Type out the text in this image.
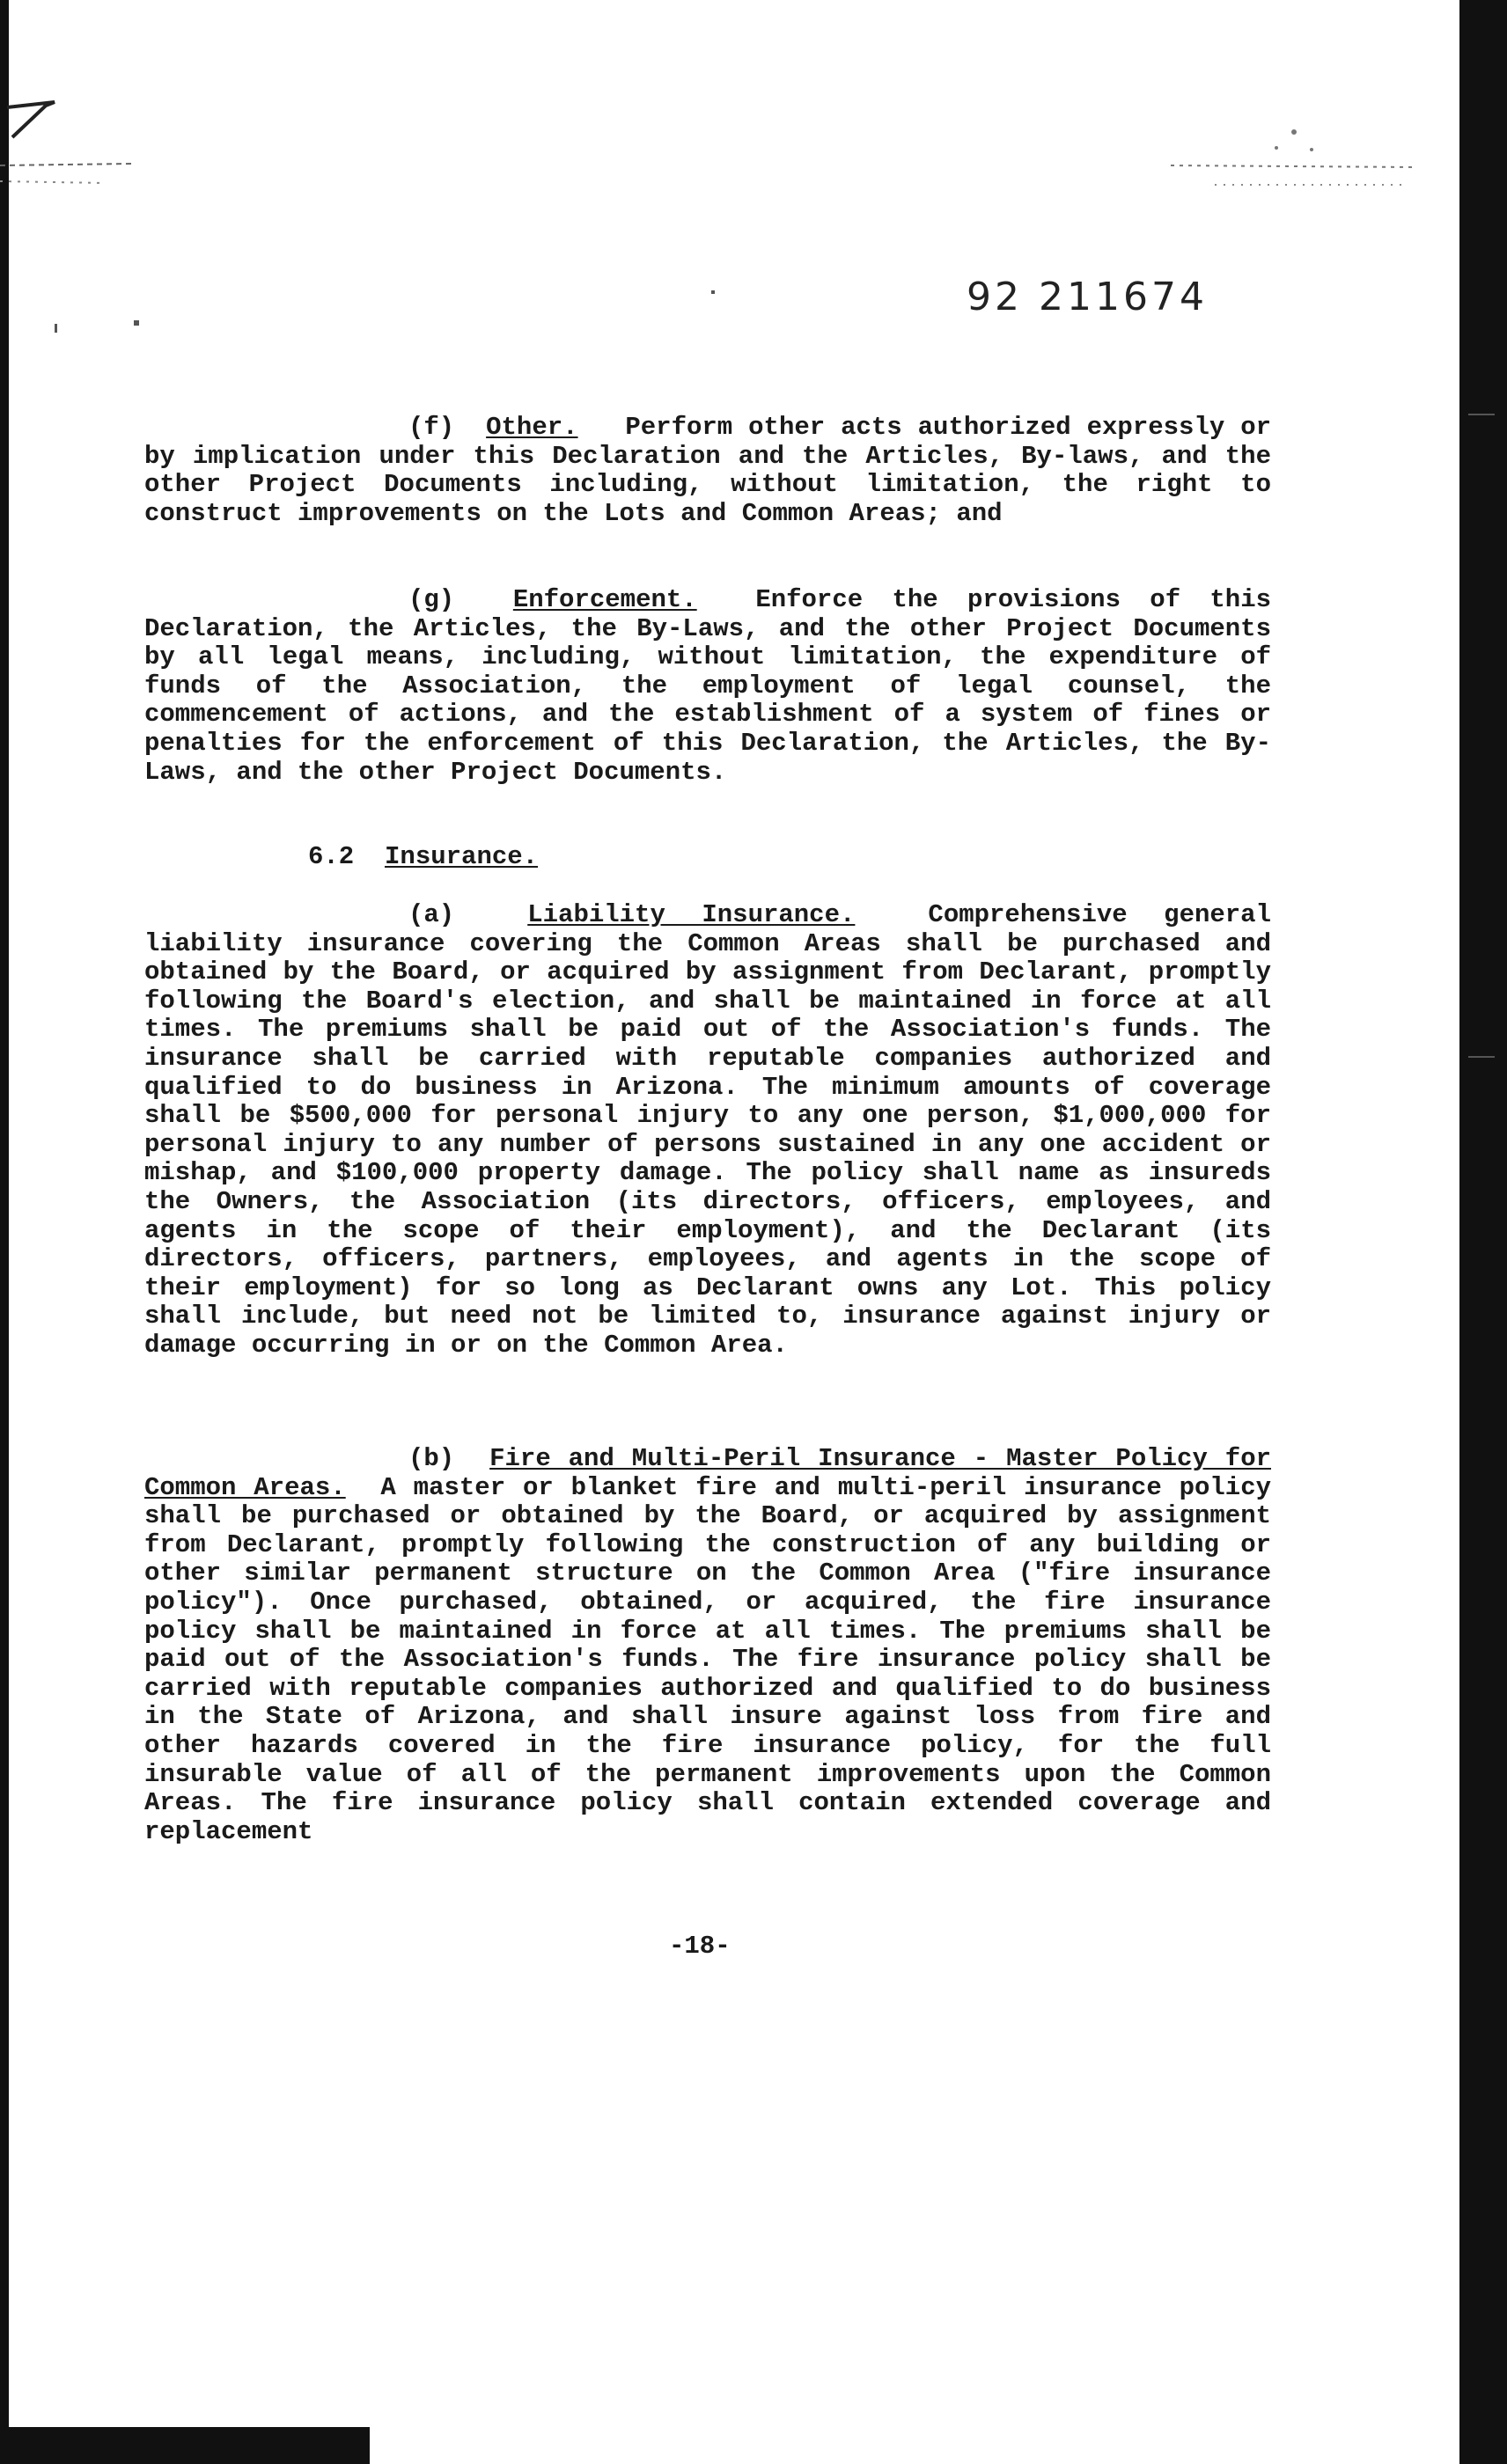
92 211674
(f) Other. Perform other acts authorized expressly or by implication under this Declaration and the Articles, By-laws, and the other Project Documents including, without limitation, the right to construct improvements on the Lots and Common Areas; and
(g) Enforcement. Enforce the provisions of this Declaration, the Articles, the By-Laws, and the other Project Documents by all legal means, including, without limitation, the expenditure of funds of the Association, the employment of legal counsel, the commencement of actions, and the establishment of a system of fines or penalties for the enforcement of this Declaration, the Articles, the By-Laws, and the other Project Documents.
6.2 Insurance.
(a)	Liability Insurance.	Comprehensive general liability insurance covering the Common Areas shall be purchased and obtained by the Board, or acquired by assignment from Declarant, promptly following the Board's election, and shall be maintained in force at all times. The premiums shall be paid out of the Association's funds. The insurance shall be carried with reputable companies authorized and qualified to do business in Arizona. The minimum amounts of coverage shall be $500,000 for personal injury to any one person, $1,000,000 for personal injury to any number of persons sustained in any one accident or mishap, and $100,000 property damage. The policy shall name as insureds the Owners, the Association (its directors, officers, employees, and agents in the scope of their employment), and the Declarant (its directors, officers, partners, employees, and agents in the scope of their employment) for so long as Declarant owns any Lot. This policy shall include, but need not be limited to, insurance against injury or damage occurring in or on the Common Area.
(b) Fire and Multi-Peril Insurance - Master Policy for Common Areas. A master or blanket fire and multi-peril insurance policy shall be purchased or obtained by the Board, or acquired by assignment from Declarant, promptly following the construction of any building or other similar permanent structure on the Common Area ("fire insurance policy"). Once purchased, obtained, or acquired, the fire insurance policy shall be maintained in force at all times. The premiums shall be paid out of the Association's funds. The fire insurance policy shall be carried with reputable companies authorized and qualified to do business in the State of Arizona, and shall insure against loss from fire and other hazards covered in the fire insurance policy, for the full insurable value of all of the permanent improvements upon the Common Areas. The fire insurance policy shall contain extended coverage and replacement
-18-
